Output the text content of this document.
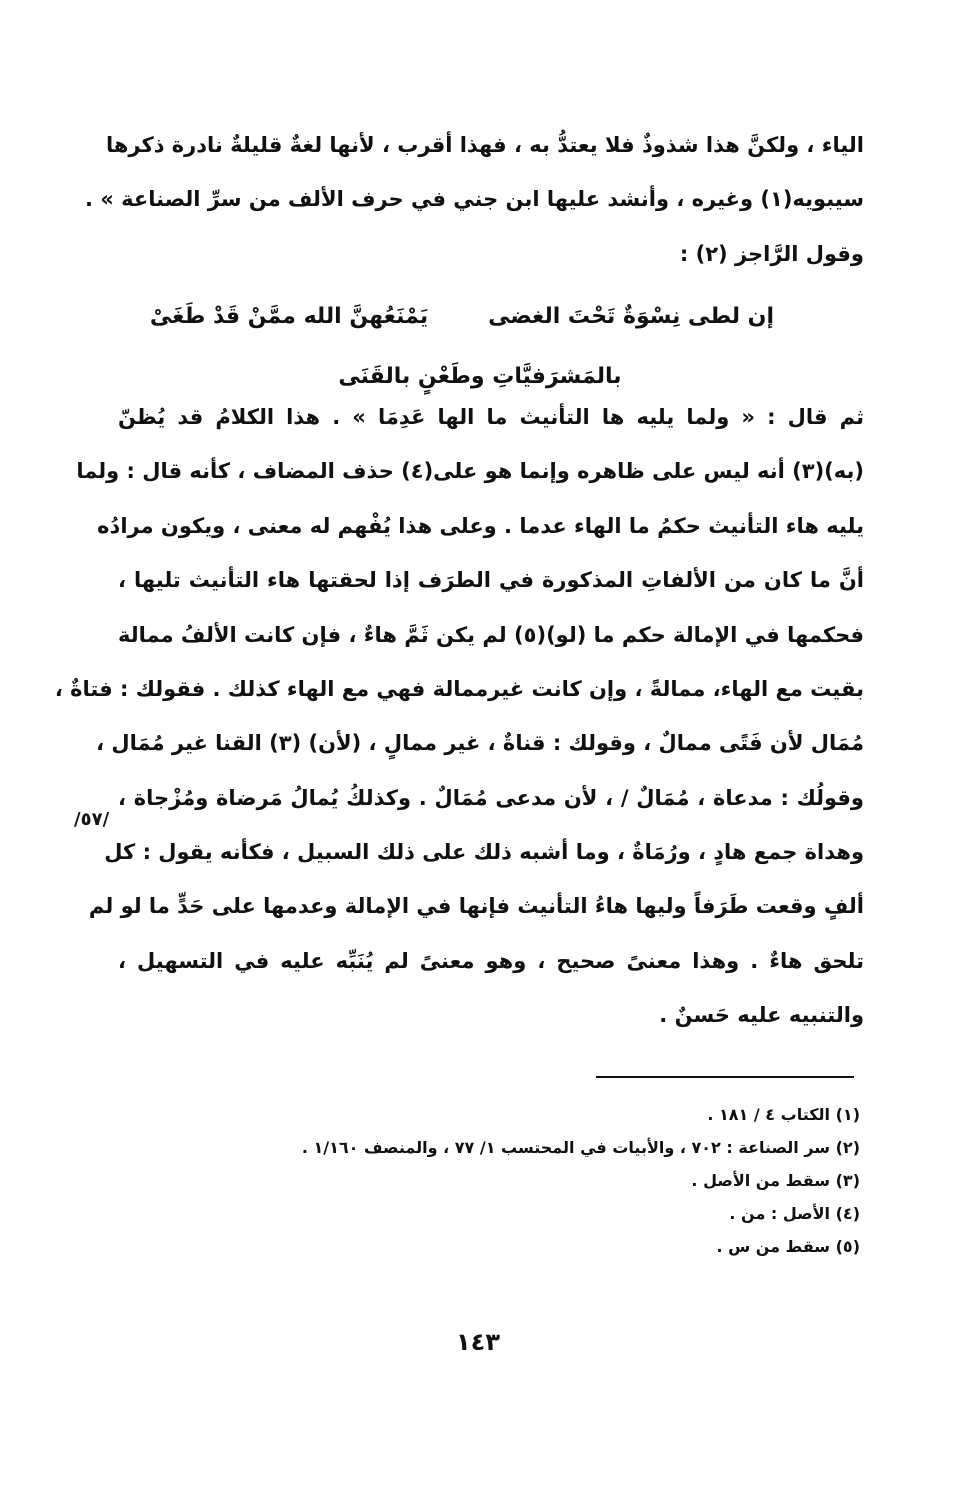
الياء ، ولكنَّ هذا شذوذٌ فلا يعتدُّ به ، فهذا أقرب ، لأنها لغةٌ قليلةٌ نادرة ذكرها
سيبويه(١) وغيره ، وأنشد عليها ابن جني في حرف الألف من سرِّ الصناعة » .
وقول الرَّاجز (٢) :
ثم قال : « ولما يليه ها التأنيث ما الها عَدِمَا » . هذا الكلامُ قد يُظنّ
(به)(٣) أنه ليس على ظاهره وإنما هو على(٤) حذف المضاف ، كأنه قال : ولما
يليه هاء التأنيث حكمُ ما الهاء عدما . وعلى هذا يُفْهم له معنى ، ويكون مرادُه
أنَّ ما كان من الألفاتِ المذكورة في الطرَف إذا لحقتها هاء التأنيث تليها ،
فحكمها في الإمالة حكم ما (لو)(٥) لم يكن ثَمَّ هاءٌ ، فإن كانت الألفُ ممالة
بقيت مع الهاء، ممالةً ، وإن كانت غيرممالة فهي مع الهاء كذلك . فقولك : فتاةٌ ،
مُمَال لأن فَتًى ممالٌ ، وقولك : قناةٌ ، غير ممالٍ ، (لأن) (٣) القنا غير مُمَال ،
وقولُك : مدعاة ، مُمَالٌ / ، لأن مدعى مُمَالٌ . وكذلكُ يُمالُ مَرضاة ومُزْجاة ،
وهداة جمع هادٍ ، ورُمَاةٌ ، وما أشبه ذلك على ذلك السبيل ، فكأنه يقول : كل
ألفٍ وقعت طَرَفاً وليها هاءُ التأنيث فإنها في الإمالة وعدمها على حَدٍّ ما لو لم
تلحق هاءٌ . وهذا معنىً صحيح ، وهو معنىً لم يُنَبِّه عليه في التسهيل ،
والتنبيه عليه حَسنٌ .
إن لطى نِسْوَةٌ تَحْتَ الغضىيَمْنَعُهنَّ الله ممَّنْ قَدْ طَغَىْ
بالمَشرَفيَّاتِ وطَعْنٍ بالقَنَى
/٥٧/
(١) الكتاب ٤ / ١٨١ .
(٢) سر الصناعة : ٧٠٢ ، والأبيات في المحتسب ١/ ٧٧ ، والمنصف ١/١٦٠ .
(٣) سقط من الأصل .
(٤) الأصل : من .
(٥) سقط من س .
١٤٣
